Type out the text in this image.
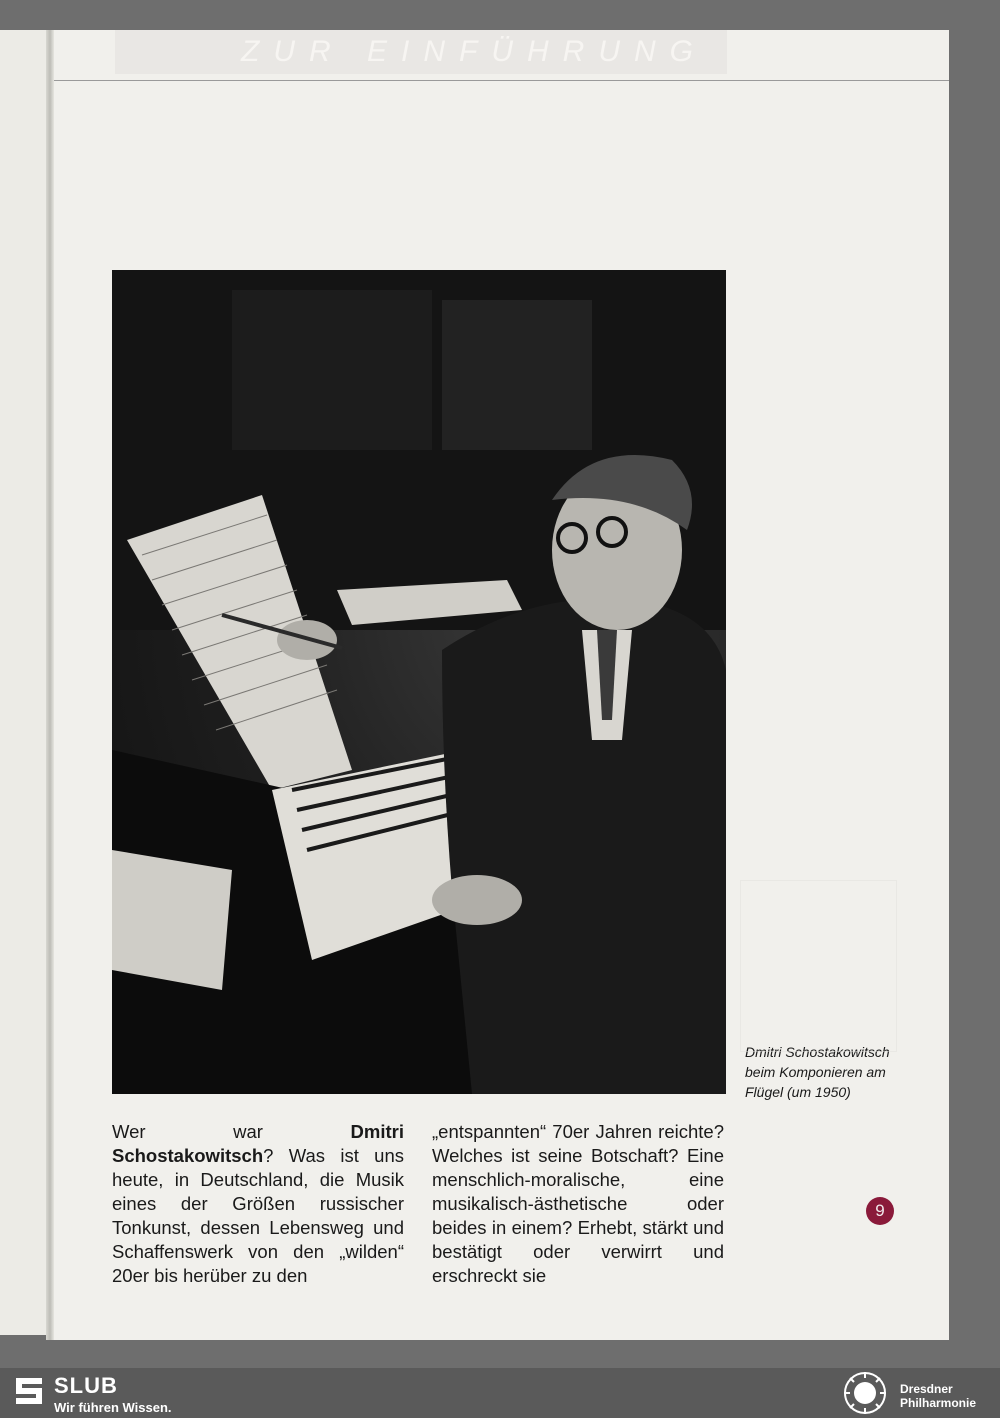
ZUR EINFÜHRUNG
Dmitri Schostakowitsch
beim Komponieren am
Flügel (um 1950)
Wer war Dmitri Schostakowitsch? Was ist uns heute, in Deutschland, die Musik eines der Größen russischer Tonkunst, dessen Lebensweg und Schaffenswerk von den „wilden“ 20er bis herüber zu den
„entspannten“ 70er Jahren reichte? Welches ist seine Botschaft? Eine menschlich-moralische, eine musikalisch-ästhetische oder beides in einem? Erhebt, stärkt und bestätigt oder verwirrt und erschreckt sie
9
SLUB
Wir führen Wissen.
Dresdner
Philharmonie
